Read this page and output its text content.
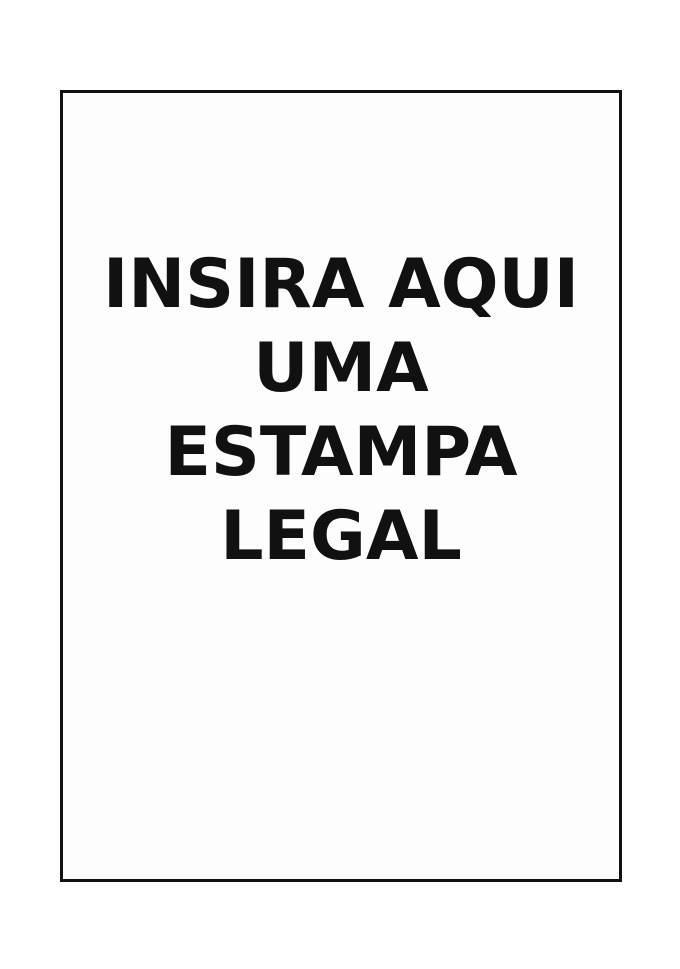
INSIRA AQUI
UMA
ESTAMPA
LEGAL
